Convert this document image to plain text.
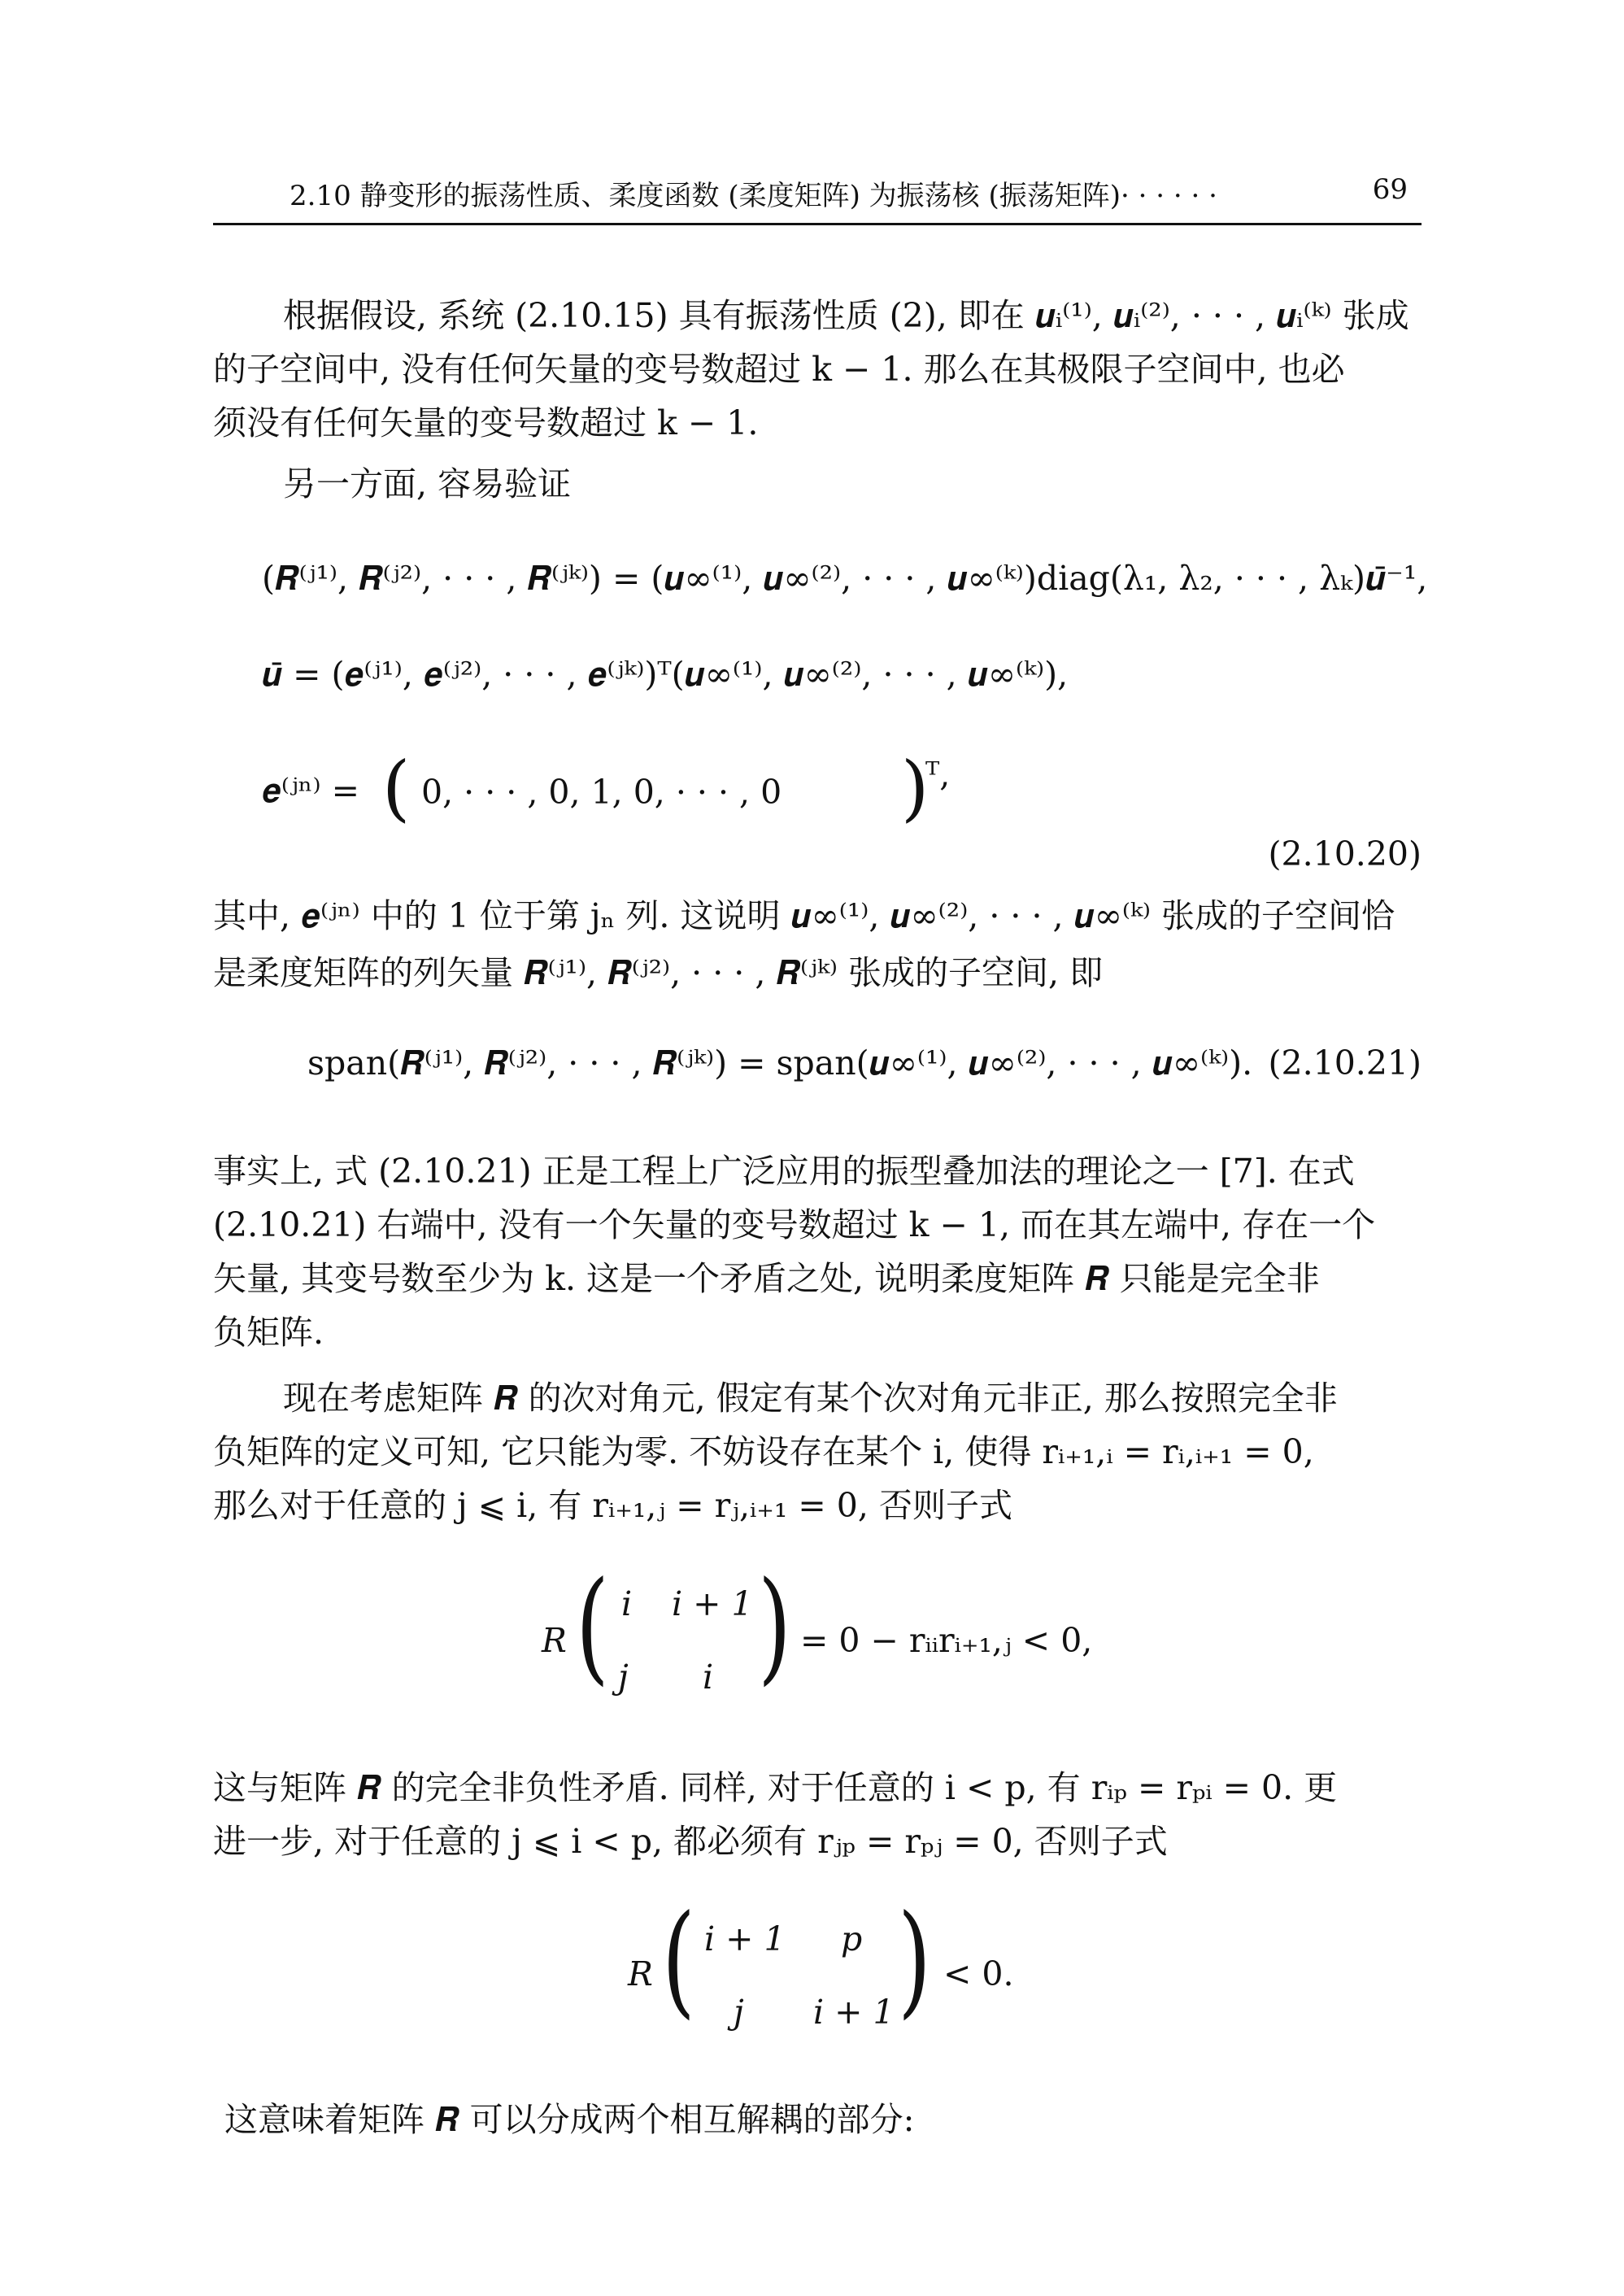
2.10 静变形的振荡性质、柔度函数 (柔度矩阵) 为振荡核 (振荡矩阵)· · · · · ·	69
根据假设, 系统 (2.10.15) 具有振荡性质 (2), 即在 𝒖ᵢ⁽¹⁾, 𝒖ᵢ⁽²⁾, · · · , 𝒖ᵢ⁽ᵏ⁾ 张成
的子空间中, 没有任何矢量的变号数超过 k − 1. 那么在其极限子空间中, 也必
须没有任何矢量的变号数超过 k − 1.
另一方面, 容易验证
(𝑹⁽ʲ¹⁾, 𝑹⁽ʲ²⁾, · · · , 𝑹⁽ʲᵏ⁾) = (𝒖∞⁽¹⁾, 𝒖∞⁽²⁾, · · · , 𝒖∞⁽ᵏ⁾)diag(λ₁, λ₂, · · · , λₖ)𝒖̄⁻¹,
𝒖̄ = (𝒆⁽ʲ¹⁾, 𝒆⁽ʲ²⁾, · · · , 𝒆⁽ʲᵏ⁾)ᵀ(𝒖∞⁽¹⁾, 𝒖∞⁽²⁾, · · · , 𝒖∞⁽ᵏ⁾),
𝒆⁽ʲⁿ⁾ = ( 0, · · · , 0, 1, 0, · · · , 0 )
ᵀ,
(2.10.20)
其中, 𝒆⁽ʲⁿ⁾ 中的 1 位于第 jₙ 列. 这说明 𝒖∞⁽¹⁾, 𝒖∞⁽²⁾, · · · , 𝒖∞⁽ᵏ⁾ 张成的子空间恰
是柔度矩阵的列矢量 𝑹⁽ʲ¹⁾, 𝑹⁽ʲ²⁾, · · · , 𝑹⁽ʲᵏ⁾ 张成的子空间, 即
span(𝑹⁽ʲ¹⁾, 𝑹⁽ʲ²⁾, · · · , 𝑹⁽ʲᵏ⁾) = span(𝒖∞⁽¹⁾, 𝒖∞⁽²⁾, · · · , 𝒖∞⁽ᵏ⁾). (2.10.21)
事实上, 式 (2.10.21) 正是工程上广泛应用的振型叠加法的理论之一 [7]. 在式
(2.10.21) 右端中, 没有一个矢量的变号数超过 k − 1, 而在其左端中, 存在一个
矢量, 其变号数至少为 k. 这是一个矛盾之处, 说明柔度矩阵 𝑹 只能是完全非
负矩阵.
现在考虑矩阵 𝑹 的次对角元, 假定有某个次对角元非正, 那么按照完全非
负矩阵的定义可知, 它只能为零. 不妨设存在某个 i, 使得 rᵢ₊₁,ᵢ = rᵢ,ᵢ₊₁ = 0,
那么对于任意的 j ⩽ i, 有 rᵢ₊₁,ⱼ = rⱼ,ᵢ₊₁ = 0, 否则子式
R ( i i + 1
j i ) = 0 − rᵢᵢrᵢ₊₁,ⱼ < 0,
这与矩阵 𝑹 的完全非负性矛盾. 同样, 对于任意的 i < p, 有 rᵢₚ = rₚᵢ = 0. 更
进一步, 对于任意的 j ⩽ i < p, 都必须有 rⱼₚ = rₚⱼ = 0, 否则子式
R ( i + 1 p
j i + 1 ) < 0.
这意味着矩阵 𝑹 可以分成两个相互解耦的部分:
